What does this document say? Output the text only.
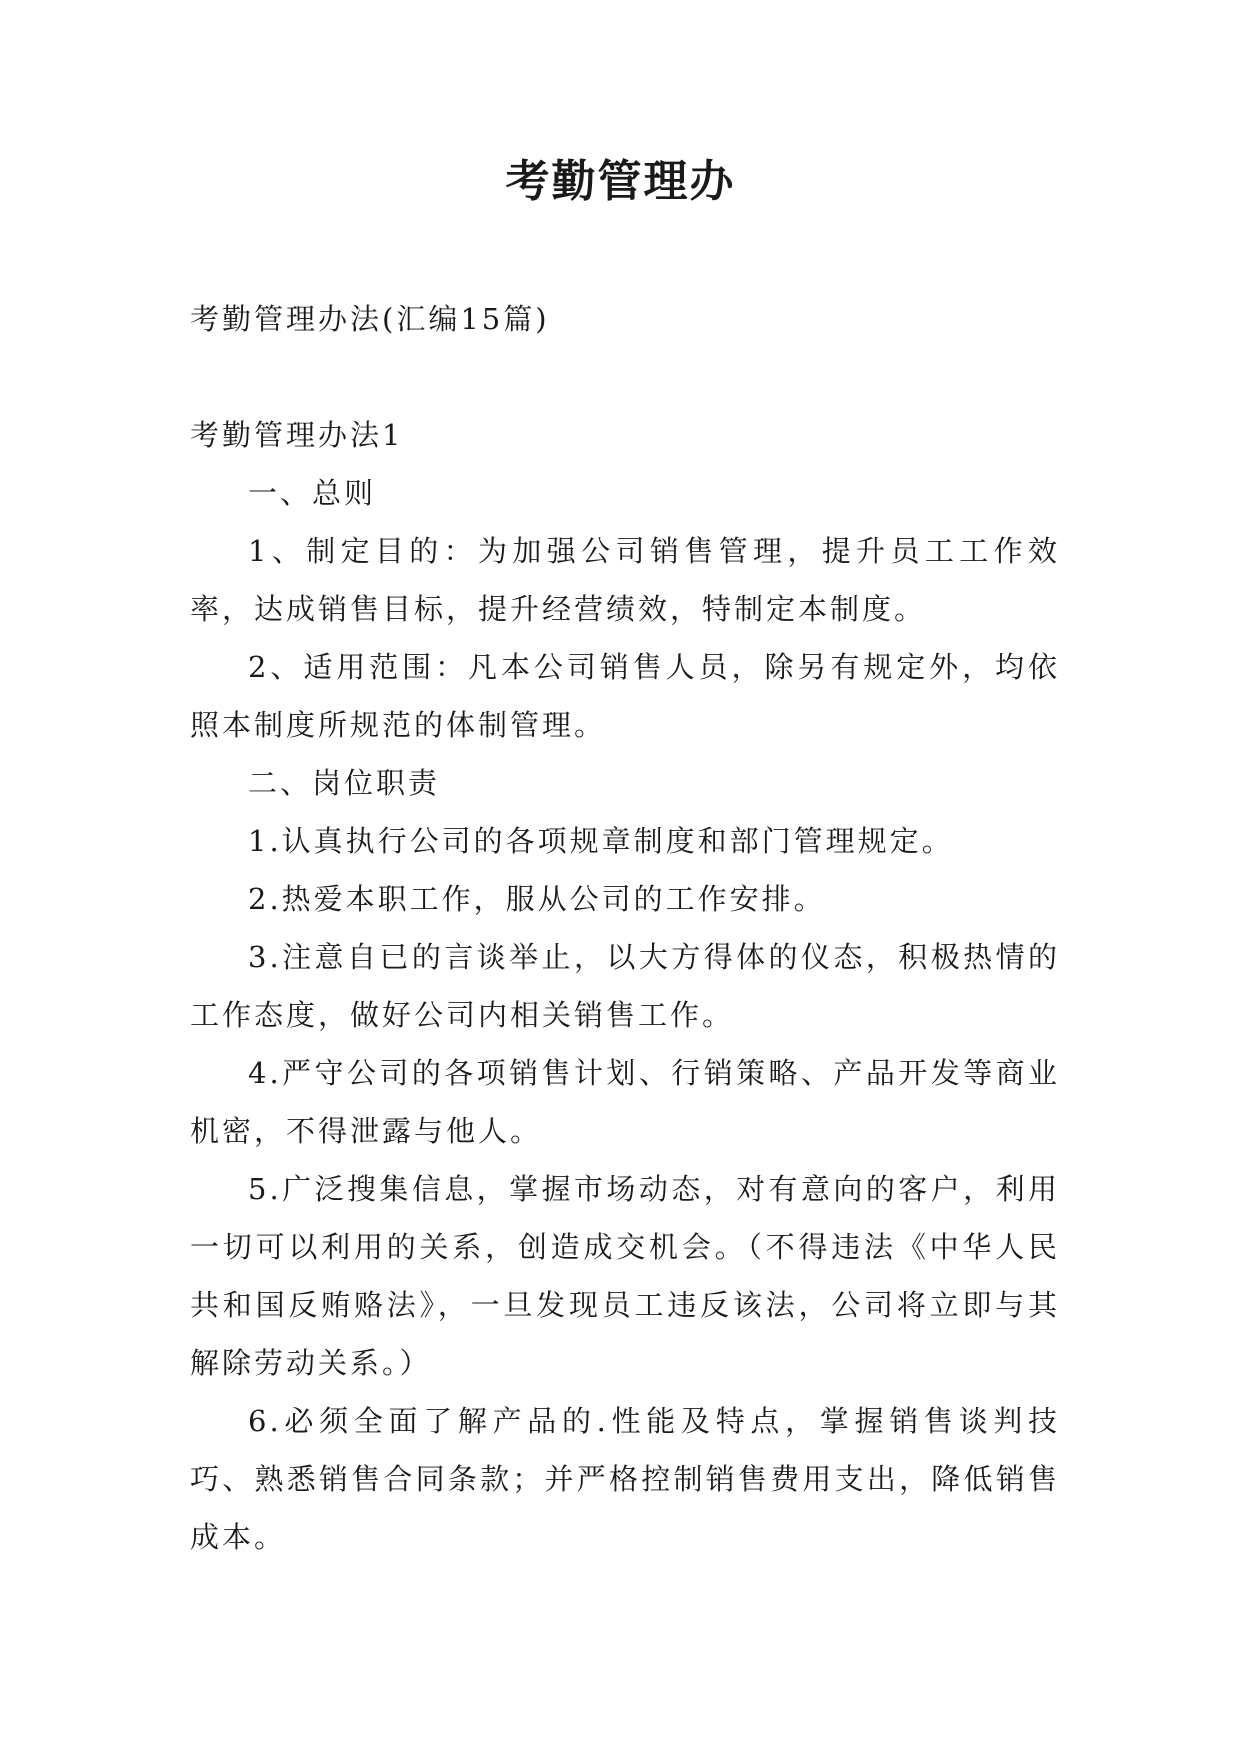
考勤管理办

考勤管理办法(汇编15篇)

考勤管理办法1

一、总则

1、制定目的：为加强公司销售管理，提升员工工作效率，达成销售目标，提升经营绩效，特制定本制度。

2、适用范围：凡本公司销售人员，除另有规定外，均依照本制度所规范的体制管理。

二、岗位职责

1.认真执行公司的各项规章制度和部门管理规定。

2.热爱本职工作，服从公司的工作安排。

3.注意自已的言谈举止，以大方得体的仪态，积极热情的工作态度，做好公司内相关销售工作。

4.严守公司的各项销售计划、行销策略、产品开发等商业机密，不得泄露与他人。

5.广泛搜集信息，掌握市场动态，对有意向的客户，利用一切可以利用的关系，创造成交机会。（不得违法《中华人民共和国反贿赂法》，一旦发现员工违反该法，公司将立即与其解除劳动关系。）

6.必须全面了解产品的.性能及特点，掌握销售谈判技巧、熟悉销售合同条款；并严格控制销售费用支出，降低销售成本。
